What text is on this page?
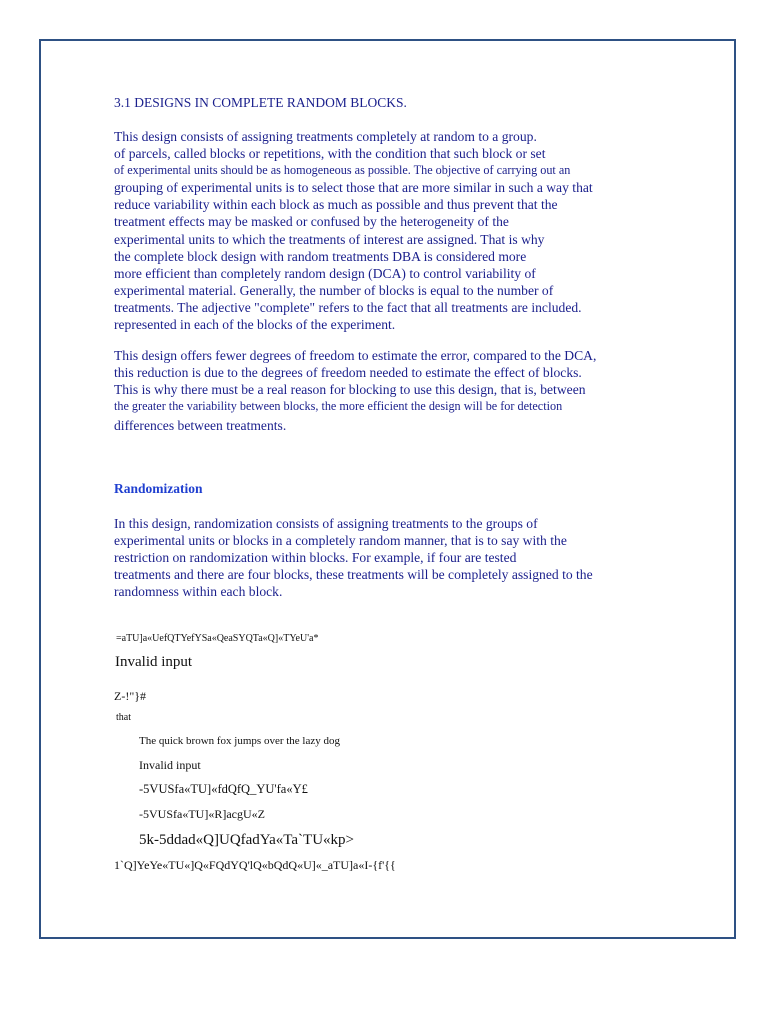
3.1 DESIGNS IN COMPLETE RANDOM BLOCKS.
This design consists of assigning treatments completely at random to a group.
of parcels, called blocks or repetitions, with the condition that such block or set
of experimental units should be as homogeneous as possible. The objective of carrying out an
grouping of experimental units is to select those that are more similar in such a way that
reduce variability within each block as much as possible and thus prevent that the
treatment effects may be masked or confused by the heterogeneity of the
experimental units to which the treatments of interest are assigned. That is why
the complete block design with random treatments DBA is considered more
more efficient than completely random design (DCA) to control variability of
experimental material. Generally, the number of blocks is equal to the number of
treatments. The adjective "complete" refers to the fact that all treatments are included.
represented in each of the blocks of the experiment.
This design offers fewer degrees of freedom to estimate the error, compared to the DCA,
this reduction is due to the degrees of freedom needed to estimate the effect of blocks.
This is why there must be a real reason for blocking to use this design, that is, between
the greater the variability between blocks, the more efficient the design will be for detection
differences between treatments.
Randomization
In this design, randomization consists of assigning treatments to the groups of
experimental units or blocks in a completely random manner, that is to say with the
restriction on randomization within blocks. For example, if four are tested
treatments and there are four blocks, these treatments will be completely assigned to the
randomness within each block.
=aTU]a«UefQTYefYSa«QeaSYQTa«Q]«TYeU'a*
Invalid input
Z-!"}#
that
The quick brown fox jumps over the lazy dog
Invalid input
-5VUSfa«TU]«fdQfQ_YU'fa«Y£
-5VUSfa«TU]«R]acgU«Z
5k-5ddad«Q]UQfadYa«Ta`TU«kp>
1`Q]YeYe«TU«]Q«FQdYQ'lQ«bQdQ«U]«_aTU]a«I-{f'{{
